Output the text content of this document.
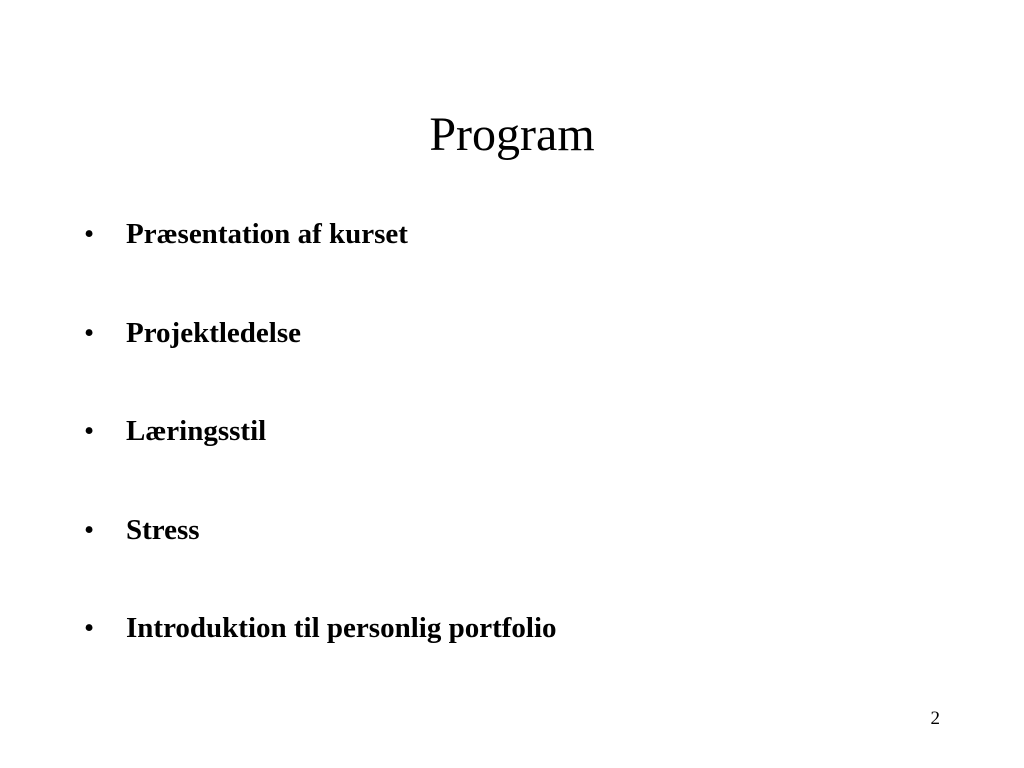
Program
•	Præsentation af kurset
•	Projektledelse
•	Læringsstil
•	Stress
•	Introduktion til personlig portfolio
2
